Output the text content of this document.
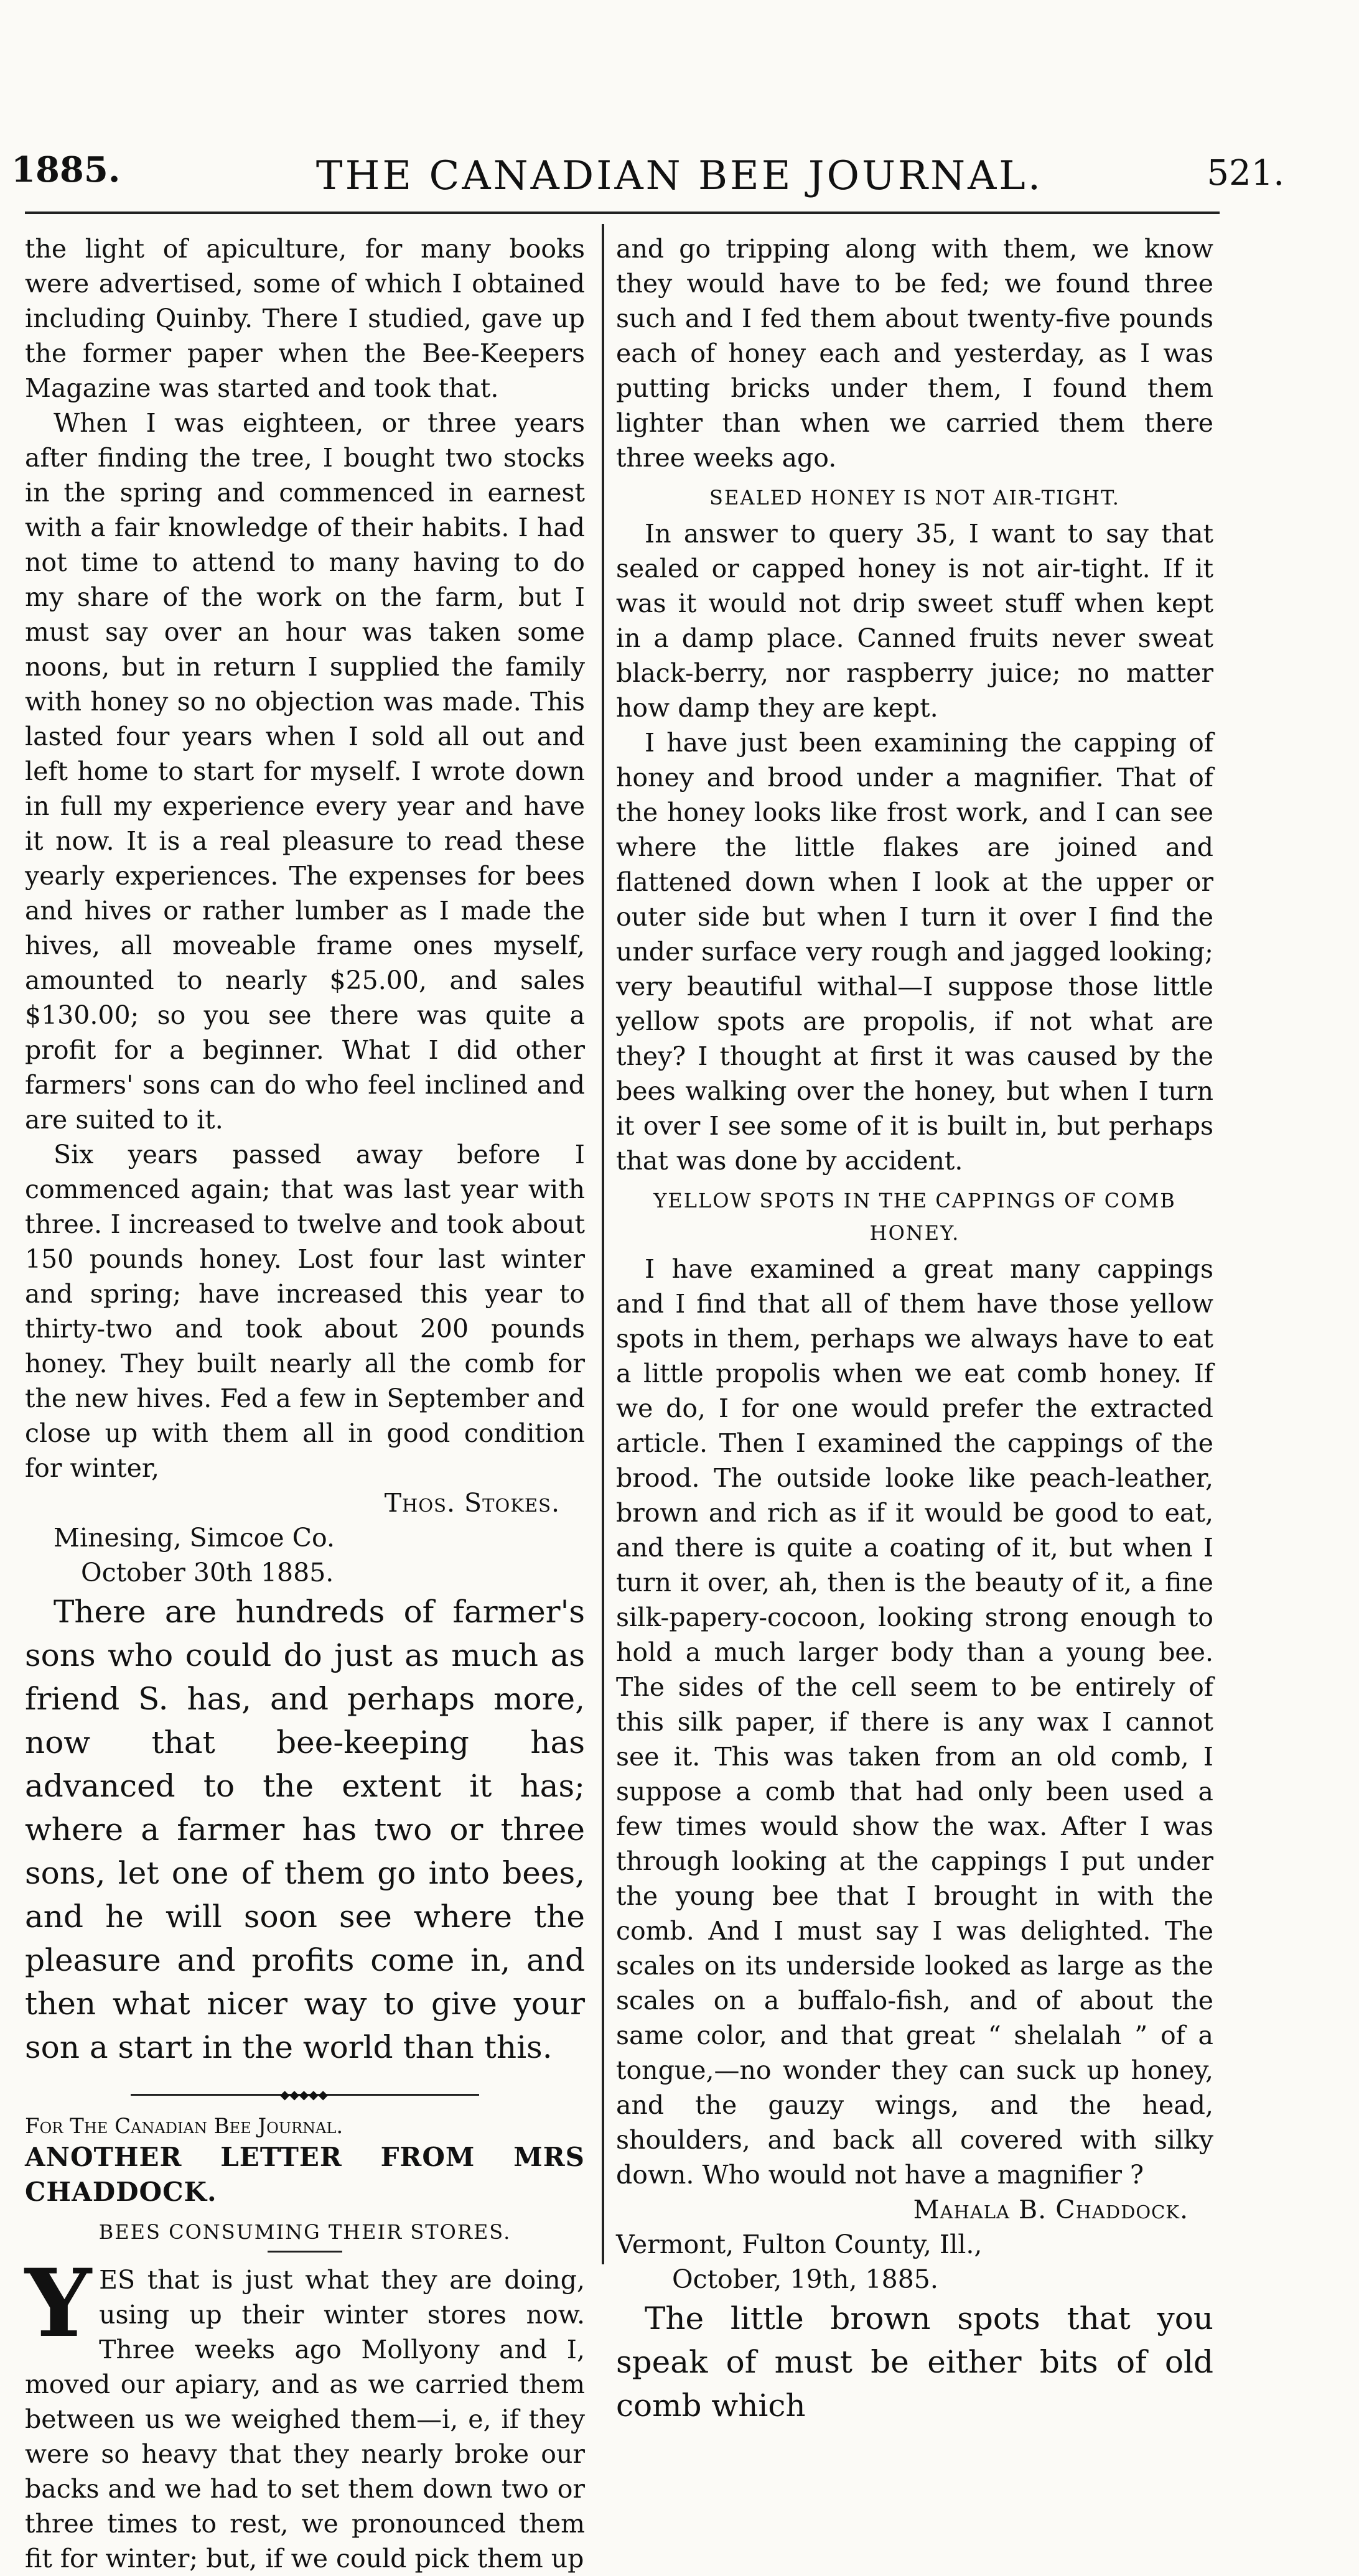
1885.	THE CANADIAN BEE JOURNAL.	521.

the light of apiculture, for many books were advertised, some of which I obtained including Quinby. There I studied, gave up the former paper when the Bee-Keepers Magazine was started and took that.

When I was eighteen, or three years after finding the tree, I bought two stocks in the spring and commenced in earnest with a fair knowledge of their habits. I had not time to attend to many having to do my share of the work on the farm, but I must say over an hour was taken some noons, but in return I supplied the family with honey so no objection was made. This lasted four years when I sold all out and left home to start for myself. I wrote down in full my experience every year and have it now. It is a real pleasure to read these yearly experiences. The expenses for bees and hives or rather lumber as I made the hives, all moveable frame ones myself, amounted to nearly $25.00, and sales $130.00; so you see there was quite a profit for a beginner. What I did other farmers' sons can do who feel inclined and are suited to it.

Six years passed away before I commenced again; that was last year with three. I increased to twelve and took about 150 pounds honey. Lost four last winter and spring; have increased this year to thirty-two and took about 200 pounds honey. They built nearly all the comb for the new hives. Fed a few in September and close up with them all in good condition for winter,

Thos. Stokes.

Minesing, Simcoe Co.

October 30th 1885.

There are hundreds of farmer's sons who could do just as much as friend S. has, and perhaps more, now that bee-keeping has advanced to the extent it has; where a farmer has two or three sons, let one of them go into bees, and he will soon see where the pleasure and profits come in, and then what nicer way to give your son a start in the world than this.

◆◆◆◆◆

For The Canadian Bee Journal.

ANOTHER LETTER FROM MRS CHADDOCK.

BEES CONSUMING THEIR STORES.

Y ES that is just what they are doing, using up their winter stores now. Three weeks ago Mollyony and I, moved our apiary, and as we carried them between us we weighed them—i, e, if they were so heavy that they nearly broke our backs and we had to set them down two or three times to rest, we pronounced them fit for winter; but, if we could pick them up

and go tripping along with them, we know they would have to be fed; we found three such and I fed them about twenty-five pounds each of honey each and yesterday, as I was putting bricks under them, I found them lighter than when we carried them there three weeks ago.

SEALED HONEY IS NOT AIR-TIGHT.

In answer to query 35, I want to say that sealed or capped honey is not air-tight. If it was it would not drip sweet stuff when kept in a damp place. Canned fruits never sweat black-berry, nor raspberry juice; no matter how damp they are kept.

I have just been examining the capping of honey and brood under a magnifier. That of the honey looks like frost work, and I can see where the little flakes are joined and flattened down when I look at the upper or outer side but when I turn it over I find the under surface very rough and jagged looking; very beautiful withal—I suppose those little yellow spots are propolis, if not what are they? I thought at first it was caused by the bees walking over the honey, but when I turn it over I see some of it is built in, but perhaps that was done by accident.

YELLOW SPOTS IN THE CAPPINGS OF COMB HONEY.

I have examined a great many cappings and I find that all of them have those yellow spots in them, perhaps we always have to eat a little propolis when we eat comb honey. If we do, I for one would prefer the extracted article. Then I examined the cappings of the brood. The outside looke like peach-leather, brown and rich as if it would be good to eat, and there is quite a coating of it, but when I turn it over, ah, then is the beauty of it, a fine silk-papery-cocoon, looking strong enough to hold a much larger body than a young bee. The sides of the cell seem to be entirely of this silk paper, if there is any wax I cannot see it. This was taken from an old comb, I suppose a comb that had only been used a few times would show the wax. After I was through looking at the cappings I put under the young bee that I brought in with the comb. And I must say I was delighted. The scales on its underside looked as large as the scales on a buffalo-fish, and of about the same color, and that great “ shelalah ” of a tongue,—no wonder they can suck up honey, and the gauzy wings, and the head, shoulders, and back all covered with silky down. Who would not have a magnifier ?

Mahala B. Chaddock.

Vermont, Fulton County, Ill.,

October, 19th, 1885.

The little brown spots that you speak of must be either bits of old comb which
